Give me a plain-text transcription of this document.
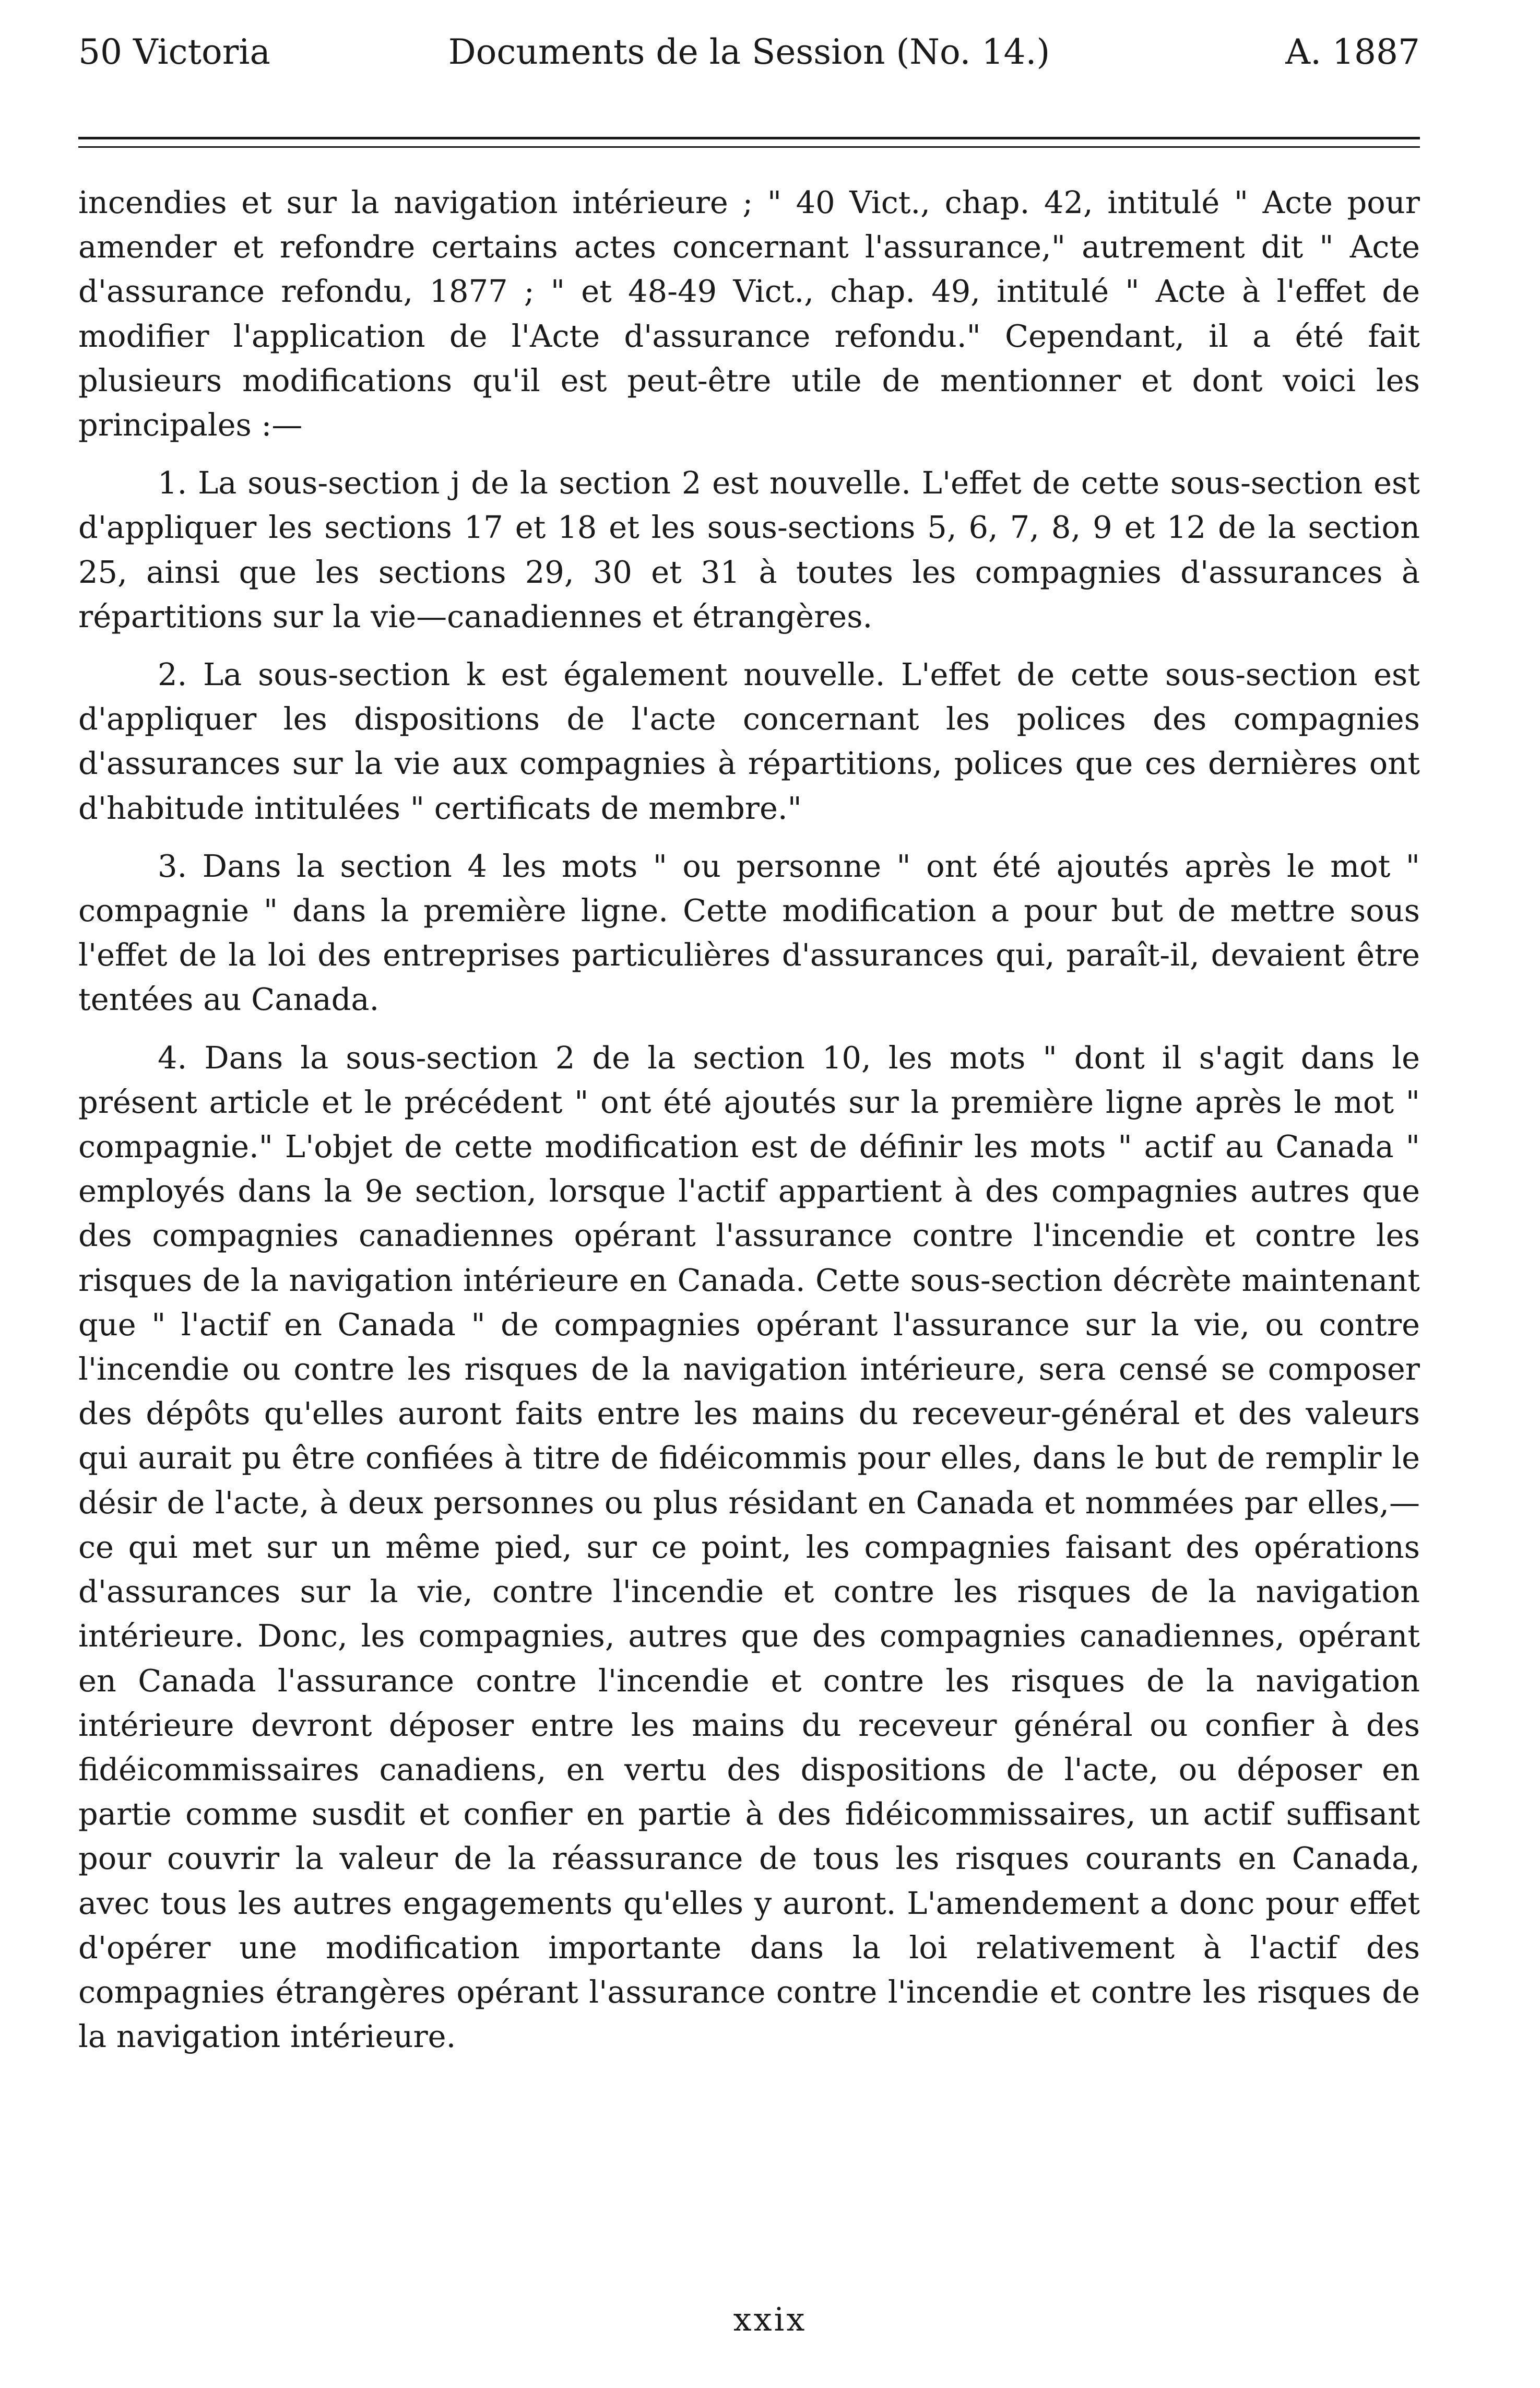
50 Victoria	Documents de la Session (No. 14.)	A. 1887

incendies et sur la navigation intérieure ; " 40 Vict., chap. 42, intitulé " Acte pour amender et refondre certains actes concernant l'assurance," autrement dit " Acte d'assurance refondu, 1877 ; " et 48-49 Vict., chap. 49, intitulé " Acte à l'effet de modifier l'application de l'Acte d'assurance refondu." Cependant, il a été fait plusieurs modifications qu'il est peut-être utile de mentionner et dont voici les principales :—

1. La sous-section j de la section 2 est nouvelle. L'effet de cette sous-section est d'appliquer les sections 17 et 18 et les sous-sections 5, 6, 7, 8, 9 et 12 de la section 25, ainsi que les sections 29, 30 et 31 à toutes les compagnies d'assurances à répartitions sur la vie—canadiennes et étrangères.

2. La sous-section k est également nouvelle. L'effet de cette sous-section est d'appliquer les dispositions de l'acte concernant les polices des compagnies d'assurances sur la vie aux compagnies à répartitions, polices que ces dernières ont d'habitude intitulées " certificats de membre."

3. Dans la section 4 les mots " ou personne " ont été ajoutés après le mot " compagnie " dans la première ligne. Cette modification a pour but de mettre sous l'effet de la loi des entreprises particulières d'assurances qui, paraît-il, devaient être tentées au Canada.

4. Dans la sous-section 2 de la section 10, les mots " dont il s'agit dans le présent article et le précédent " ont été ajoutés sur la première ligne après le mot " compagnie." L'objet de cette modification est de définir les mots " actif au Canada " employés dans la 9e section, lorsque l'actif appartient à des compagnies autres que des compagnies canadiennes opérant l'assurance contre l'incendie et contre les risques de la navigation intérieure en Canada. Cette sous-section décrète maintenant que " l'actif en Canada " de compagnies opérant l'assurance sur la vie, ou contre l'incendie ou contre les risques de la navigation intérieure, sera censé se composer des dépôts qu'elles auront faits entre les mains du receveur-général et des valeurs qui aurait pu être confiées à titre de fidéicommis pour elles, dans le but de remplir le désir de l'acte, à deux personnes ou plus résidant en Canada et nommées par elles,—ce qui met sur un même pied, sur ce point, les compagnies faisant des opérations d'assurances sur la vie, contre l'incendie et contre les risques de la navigation intérieure. Donc, les compagnies, autres que des compagnies canadiennes, opérant en Canada l'assurance contre l'incendie et contre les risques de la navigation intérieure devront déposer entre les mains du receveur général ou confier à des fidéicommissaires canadiens, en vertu des dispositions de l'acte, ou déposer en partie comme susdit et confier en partie à des fidéicommissaires, un actif suffisant pour couvrir la valeur de la réassurance de tous les risques courants en Canada, avec tous les autres engagements qu'elles y auront. L'amendement a donc pour effet d'opérer une modification importante dans la loi relativement à l'actif des compagnies étrangères opérant l'assurance contre l'incendie et contre les risques de la navigation intérieure.

xxix
